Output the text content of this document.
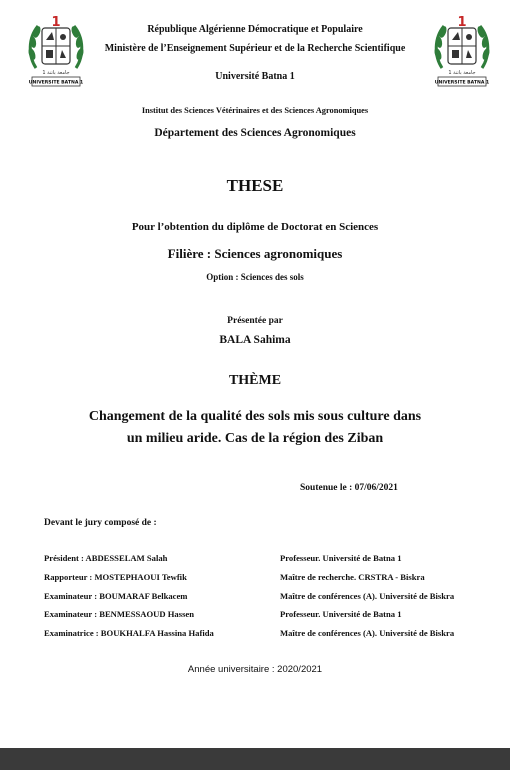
1
جامعة باتنة 1
UNIVERSITE BATNA 1
1
جامعة باتنة 1
UNIVERSITE BATNA 1
République Algérienne Démocratique et Populaire
Ministère de l’Enseignement Supérieur et de la Recherche Scientifique
Université Batna 1
Institut des Sciences Vétérinaires et des Sciences Agronomiques
Département des Sciences Agronomiques
THESE
Pour l’obtention du diplôme de Doctorat en Sciences
Filière : Sciences agronomiques
Option : Sciences des sols
Présentée par
BALA Sahima
THÈME
Changement de la qualité des sols mis sous culture dans
un milieu aride. Cas de la région des Ziban
Soutenue le : 07/06/2021
Devant le jury composé de :
Président : ABDESSELAM Salah	Professeur. Université de Batna 1
Rapporteur : MOSTEPHAOUI Tewfik	Maître de recherche. CRSTRA - Biskra
Examinateur : BOUMARAF Belkacem	Maître de conférences (A). Université de Biskra
Examinateur : BENMESSAOUD Hassen	Professeur. Université de Batna 1
Examinatrice : BOUKHALFA Hassina Hafida	Maître de conférences (A). Université de Biskra
Année universitaire : 2020/2021
